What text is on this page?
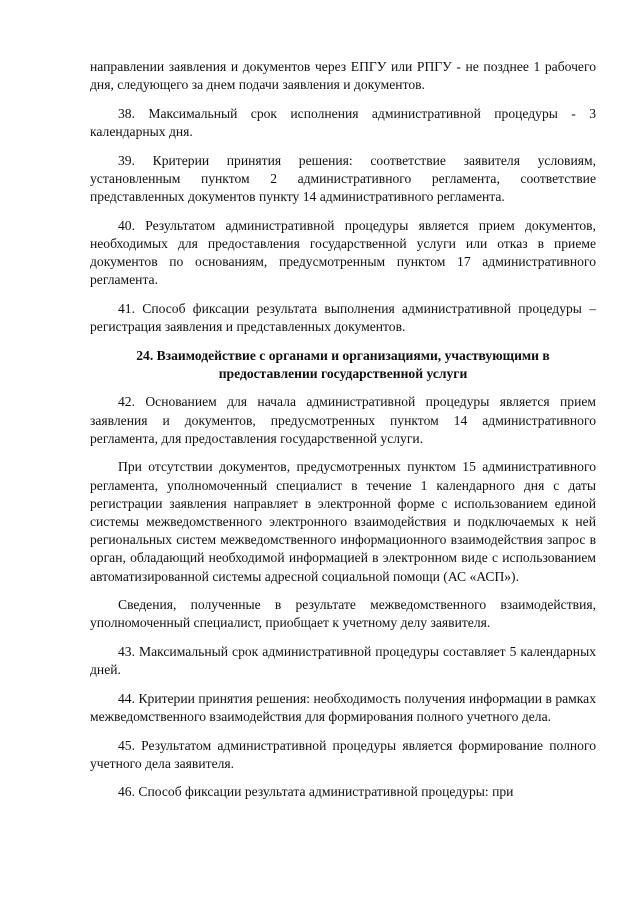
направлении заявления и документов через ЕПГУ или РПГУ - не позднее 1 рабочего дня, следующего за днем подачи заявления и документов.

38. Максимальный срок исполнения административной процедуры - 3 календарных дня.

39. Критерии принятия решения: соответствие заявителя условиям, установленным пунктом 2 административного регламента, соответствие представленных документов пункту 14 административного регламента.

40. Результатом административной процедуры является прием документов, необходимых для предоставления государственной услуги или отказ в приеме документов по основаниям, предусмотренным пунктом 17 административного регламента.

41. Способ фиксации результата выполнения административной процедуры – регистрация заявления и представленных документов.

24. Взаимодействие с органами и организациями, участвующими в предоставлении государственной услуги

42. Основанием для начала административной процедуры является прием заявления и документов, предусмотренных пунктом 14 административного регламента, для предоставления государственной услуги.

При отсутствии документов, предусмотренных пунктом 15 административного регламента, уполномоченный специалист в течение 1 календарного дня с даты регистрации заявления направляет в электронной форме с использованием единой системы межведомственного электронного взаимодействия и подключаемых к ней региональных систем межведомственного информационного взаимодействия запрос в орган, обладающий необходимой информацией в электронном виде с использованием автоматизированной системы адресной социальной помощи (АС «АСП»).

Сведения, полученные в результате межведомственного взаимодействия, уполномоченный специалист, приобщает к учетному делу заявителя.

43. Максимальный срок административной процедуры составляет 5 календарных дней.

44. Критерии принятия решения: необходимость получения информации в рамках межведомственного взаимодействия для формирования полного учетного дела.

45. Результатом административной процедуры является формирование полного учетного дела заявителя.

46. Способ фиксации результата административной процедуры: при
